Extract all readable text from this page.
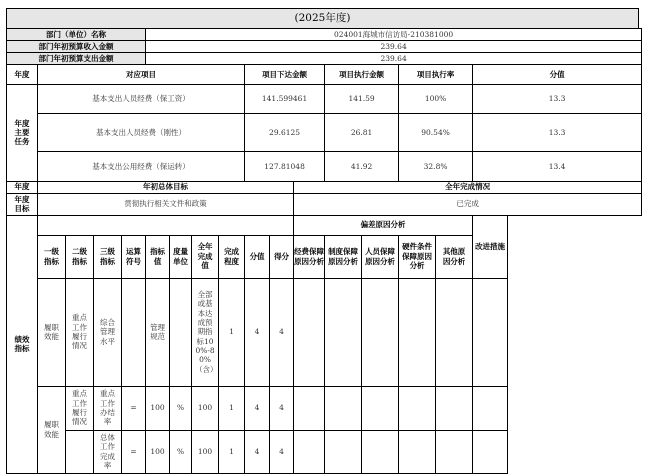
(2025年度)
部门（单位）名称					024001海城市信访局-210381000												
部门年初预算收入金额					239.64												
部门年初预算支出金额					239.64												
年度	对应项目								项目下达金额			项目执行金额		项目执行率		分值	

年度主要任务	基本支出人员经费（保工资）								141.599461			141.59		100%		13.3	
	基本支出人员经费（刚性）								29.6125			26.81		90.54%		13.3	
	基本支出公用经费（保运转）								127.81048			41.92		32.8%		13.4	
年度	年初总体目标										全年完成情况						

年度目标	贯彻执行相关文件和政策										已完成						

绩效指标											偏差原因分析					改进措施	

	一级指标	二级指标	三级指标	运算符号	指标值	度量单位	全年完成值	完成程度	分值	得分	经费保障原因分析	制度保障原因分析	人员保障原因分析	硬件条件保障原因分析	其他原因分析		

	履职效能	重点工作履行情况	综合管理水平		管理规范		全部或基本达成预期指标100%-80%（含）	1	4	4							

	履职效能	重点工作履行情况	重点工作办结率	=	100	%	100	1	4	4							

			总体工作完成率	=	100	%	100	1	4	4							
